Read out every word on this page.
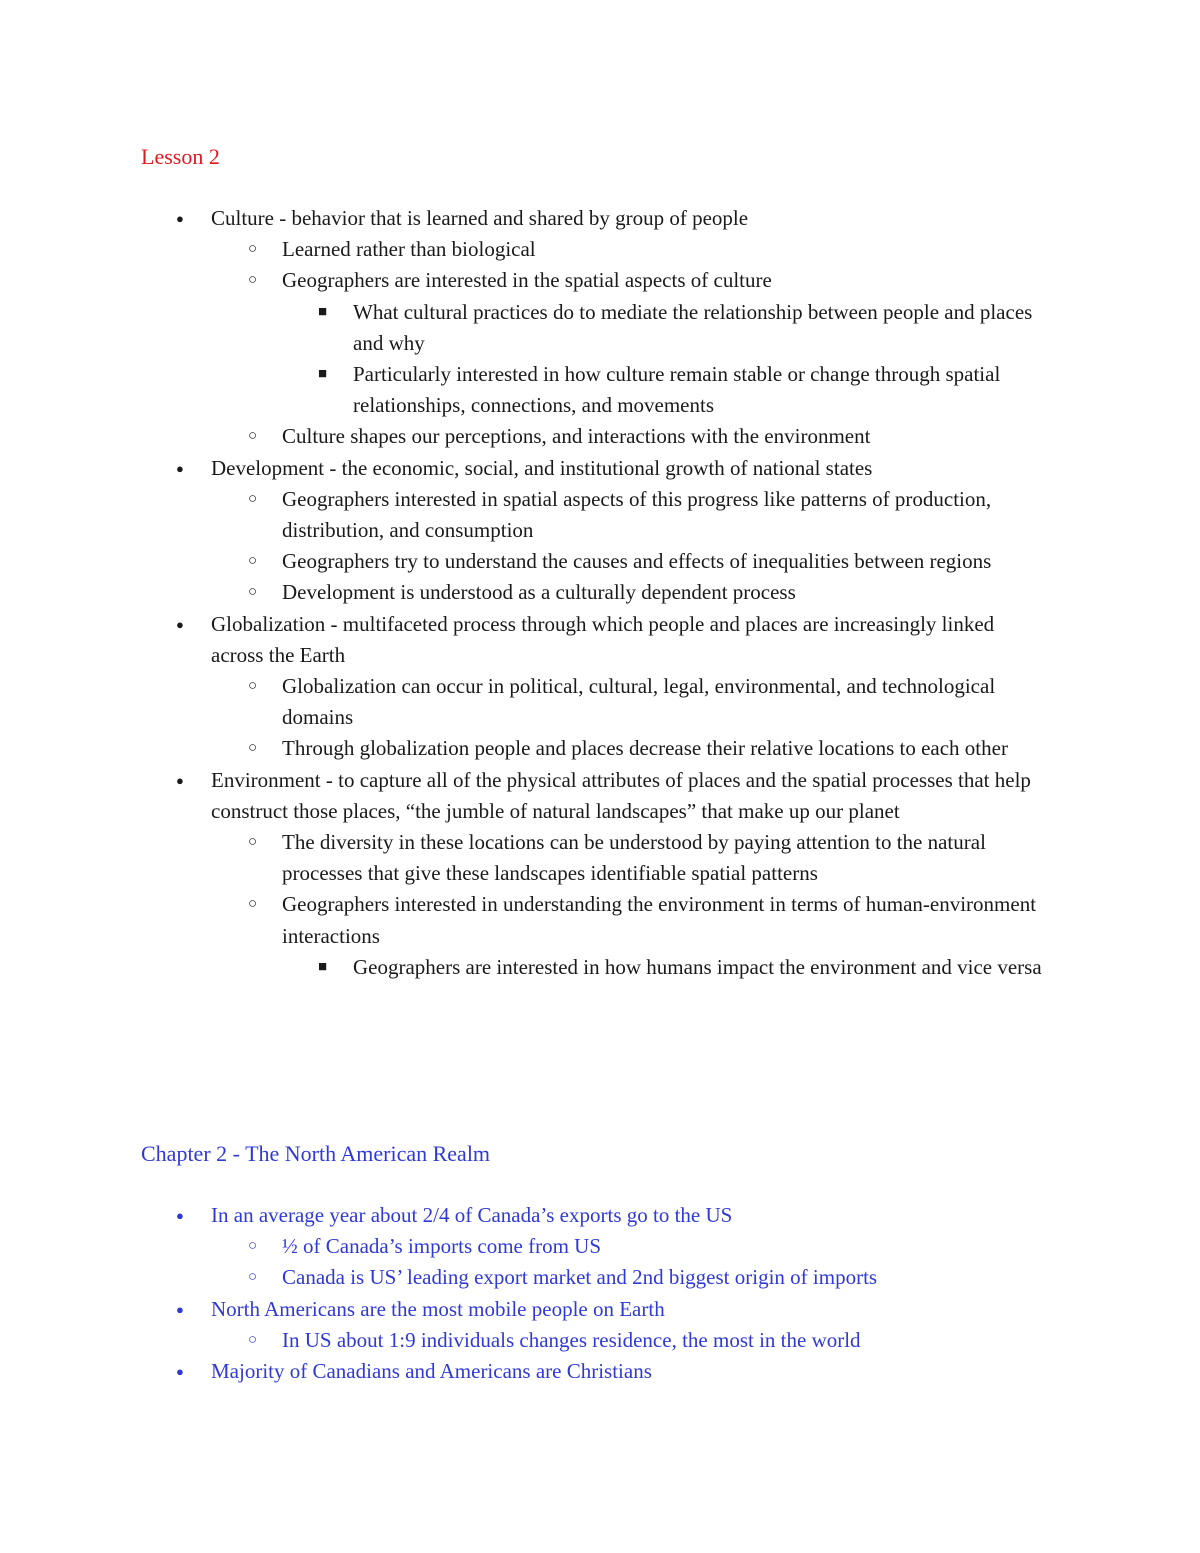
Lesson 2
● Culture - behavior that is learned and shared by group of people
○ Learned rather than biological
○ Geographers are interested in the spatial aspects of culture
■ What cultural practices do to mediate the relationship between people and places and why
■ Particularly interested in how culture remain stable or change through spatial relationships, connections, and movements
○ Culture shapes our perceptions, and interactions with the environment
● Development - the economic, social, and institutional growth of national states
○ Geographers interested in spatial aspects of this progress like patterns of production, distribution, and consumption
○ Geographers try to understand the causes and effects of inequalities between regions
○ Development is understood as a culturally dependent process
● Globalization - multifaceted process through which people and places are increasingly linked across the Earth
○ Globalization can occur in political, cultural, legal, environmental, and technological domains
○ Through globalization people and places decrease their relative locations to each other
● Environment - to capture all of the physical attributes of places and the spatial processes that help construct those places, “the jumble of natural landscapes” that make up our planet
○ The diversity in these locations can be understood by paying attention to the natural processes that give these landscapes identifiable spatial patterns
○ Geographers interested in understanding the environment in terms of human-environment interactions
■ Geographers are interested in how humans impact the environment and vice versa
Chapter 2 - The North American Realm
● In an average year about 2/4 of Canada’s exports go to the US
○ ½ of Canada’s imports come from US
○ Canada is US’ leading export market and 2nd biggest origin of imports
● North Americans are the most mobile people on Earth
○ In US about 1:9 individuals changes residence, the most in the world
● Majority of Canadians and Americans are Christians
